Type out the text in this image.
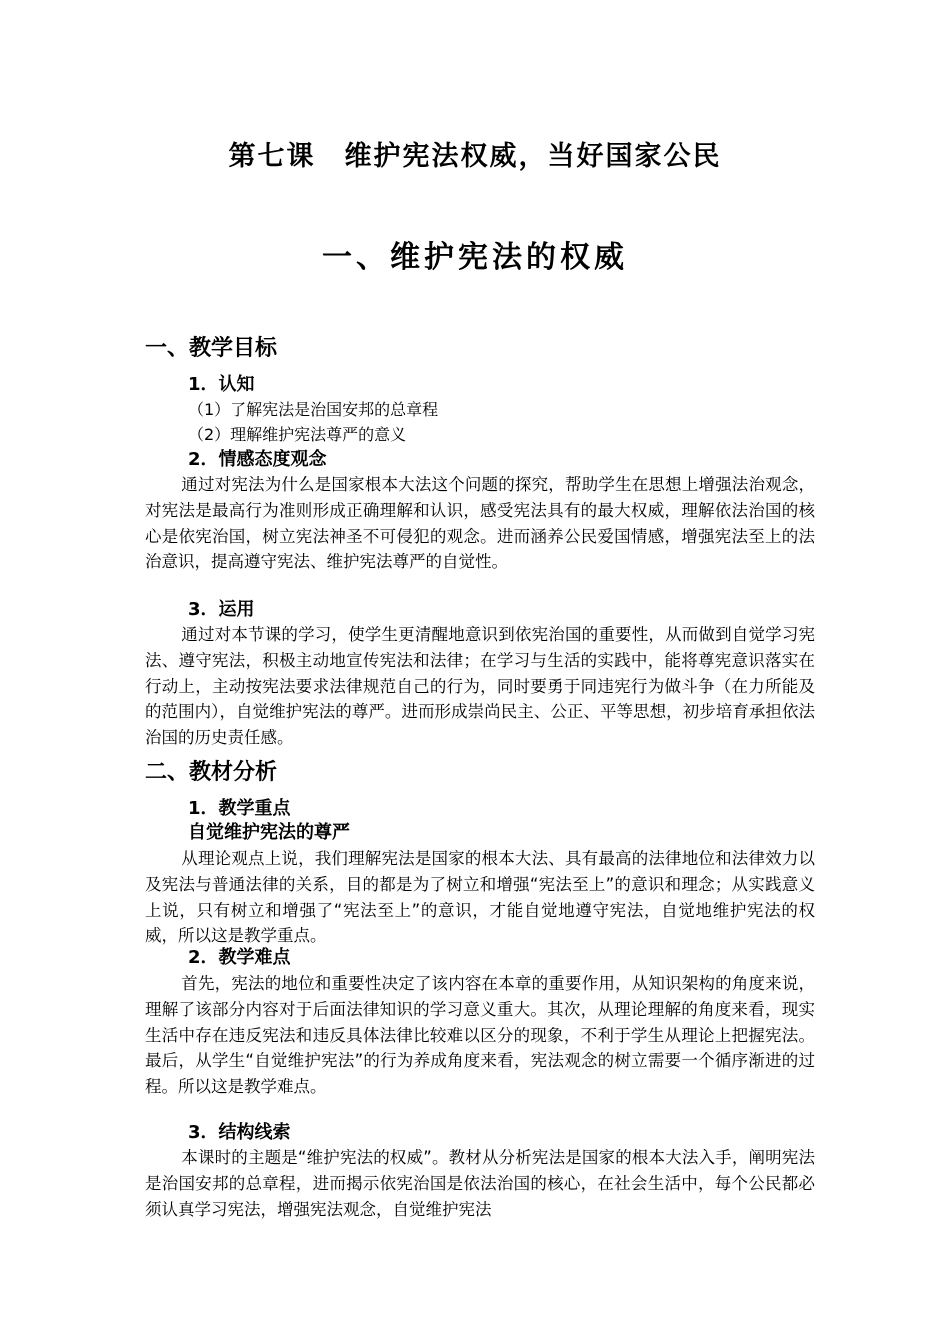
第七课　维护宪法权威，当好国家公民
一、维护宪法的权威
一、教学目标
1．认知

（1）了解宪法是治国安邦的总章程

（2）理解维护宪法尊严的意义

2．情感态度观念

通过对宪法为什么是国家根本大法这个问题的探究，帮助学生在思想上增强法治观念，对宪法是最高行为准则形成正确理解和认识，感受宪法具有的最大权威，理解依法治国的核心是依宪治国，树立宪法神圣不可侵犯的观念。进而涵养公民爱国情感，增强宪法至上的法治意识，提高遵守宪法、维护宪法尊严的自觉性。

3．运用

通过对本节课的学习，使学生更清醒地意识到依宪治国的重要性，从而做到自觉学习宪法、遵守宪法，积极主动地宣传宪法和法律；在学习与生活的实践中，能将尊宪意识落实在行动上，主动按宪法要求法律规范自己的行为，同时要勇于同违宪行为做斗争（在力所能及的范围内），自觉维护宪法的尊严。进而形成崇尚民主、公正、平等思想，初步培育承担依法治国的历史责任感。

二、教材分析
1．教学重点
自觉维护宪法的尊严

从理论观点上说，我们理解宪法是国家的根本大法、具有最高的法律地位和法律效力以及宪法与普通法律的关系，目的都是为了树立和增强“宪法至上”的意识和理念；从实践意义上说，只有树立和增强了“宪法至上”的意识，才能自觉地遵守宪法，自觉地维护宪法的权威，所以这是教学重点。

2．教学难点

首先，宪法的地位和重要性决定了该内容在本章的重要作用，从知识架构的角度来说，理解了该部分内容对于后面法律知识的学习意义重大。其次，从理论理解的角度来看，现实生活中存在违反宪法和违反具体法律比较难以区分的现象，不利于学生从理论上把握宪法。最后，从学生“自觉维护宪法”的行为养成角度来看，宪法观念的树立需要一个循序渐进的过程。所以这是教学难点。

3．结构线索

本课时的主题是“维护宪法的权威”。教材从分析宪法是国家的根本大法入手，阐明宪法是治国安邦的总章程，进而揭示依宪治国是依法治国的核心，在社会生活中，每个公民都必须认真学习宪法，增强宪法观念，自觉维护宪法
